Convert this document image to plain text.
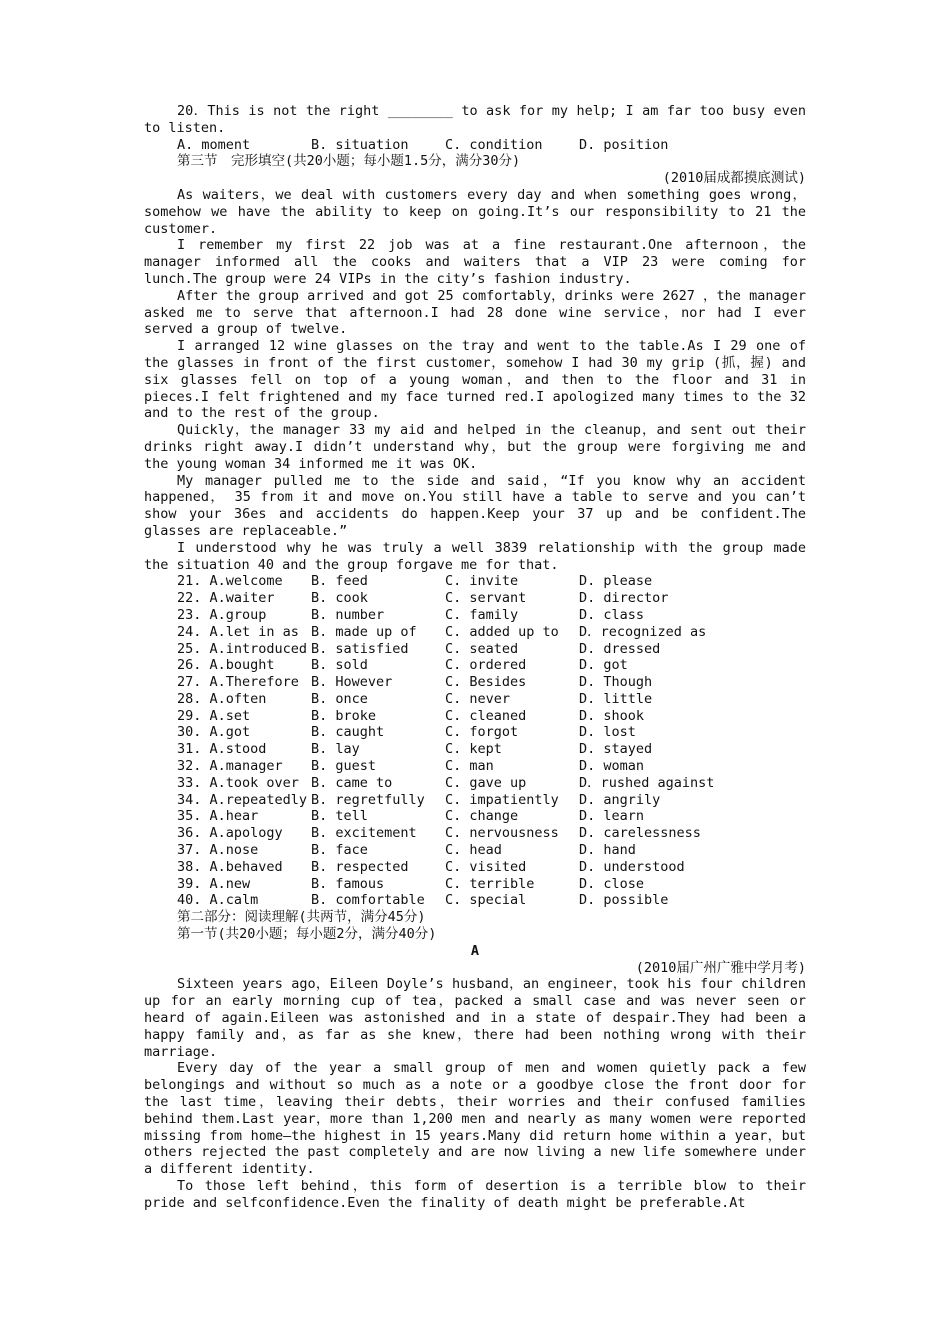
20．This is not the right ________ to ask for my help; I am far too busy even to listen.

A. moment	B. situation	C. condition	D. position

第三节　完形填空(共20小题；每小题1.5分，满分30分)

(2010届成都摸底测试)

As waiters，we deal with customers every day and when something goes wrong，somehow we have the ability to keep on going.It’s our responsibility to 21 the customer.

I remember my first 22 job was at a fine restaurant.One afternoon，the manager informed all the cooks and waiters that a VIP 23 were coming for lunch.The group were 24 VIPs in the city’s fashion industry.

After the group arrived and got 25 comfortably，drinks were 2627 ，the manager asked me to serve that afternoon.I had 28 done wine service，nor had I ever served a group of twelve.

I arranged 12 wine glasses on the tray and went to the table.As I 29 one of the glasses in front of the first customer，somehow I had 30 my grip (抓，握) and six glasses fell on top of a young woman，and then to the floor and 31 in pieces.I felt frightened and my face turned red.I apologized many times to the 32 and to the rest of the group.

Quickly，the manager 33 my aid and helped in the cleanup，and sent out their drinks right away.I didn’t understand why，but the group were forgiving me and the young woman 34 informed me it was OK.

My manager pulled me to the side and said，“If you know why an accident happened， 35 from it and move on.You still have a table to serve and you can’t show your 36es and accidents do happen.Keep your 37 up and be confident.The glasses are replaceable.”

I understood why he was truly a well 3839 relationship with the group made the situation 40 and the group forgave me for that.

21. A.welcome	B. feed	C. invite	D. please
22. A.waiter	B. cook	C. servant	D. director
23. A.group	B. number	C. family	D. class
24. A.let in as B. made up of	C. added up to	D．recognized as
25. A.introduced B. satisfied	C. seated	D. dressed
26. A.bought	B. sold	C. ordered	D. got
27. A.Therefore B. However	C. Besides	D. Though
28. A.often	B. once	C. never	D. little
29. A.set	B. broke	C. cleaned	D. shook
30. A.got	B. caught	C. forgot	D. lost
31. A.stood	B. lay	C. kept	D. stayed
32. A.manager	B. guest	C. man	D. woman
33. A.took over B. came to	C. gave up	D．rushed against
34. A.repeatedly B. regretfully	C. impatiently	D. angrily
35. A.hear	B. tell	C. change	D. learn
36. A.apology	B. excitement	C. nervousness	D. carelessness
37. A.nose	B. face	C. head	D. hand
38. A.behaved	B. respected	C. visited	D. understood
39. A.new	B. famous	C. terrible	D. close
40. A.calm	B. comfortable	C. special	D. possible

第二部分：阅读理解(共两节，满分45分)

第一节(共20小题；每小题2分，满分40分)

A

(2010届广州广雅中学月考)

Sixteen years ago，Eileen Doyle’s husband，an engineer，took his four children up for an early morning cup of tea，packed a small case and was never seen or heard of again.Eileen was astonished and in a state of despair.They had been a happy family and，as far as she knew，there had been nothing wrong with their marriage.

Every day of the year a small group of men and women quietly pack a few belongings and without so much as a note or a goodbye close the front door for the last time，leaving their debts，their worries and their confused families behind them.Last year，more than 1,200 men and nearly as many women were reported missing from home—the highest in 15 years.Many did return home within a year，but others rejected the past completely and are now living a new life somewhere under a different identity.

To those left behind，this form of desertion is a terrible blow to their pride and selfconfidence.Even the finality of death might be preferable.At
